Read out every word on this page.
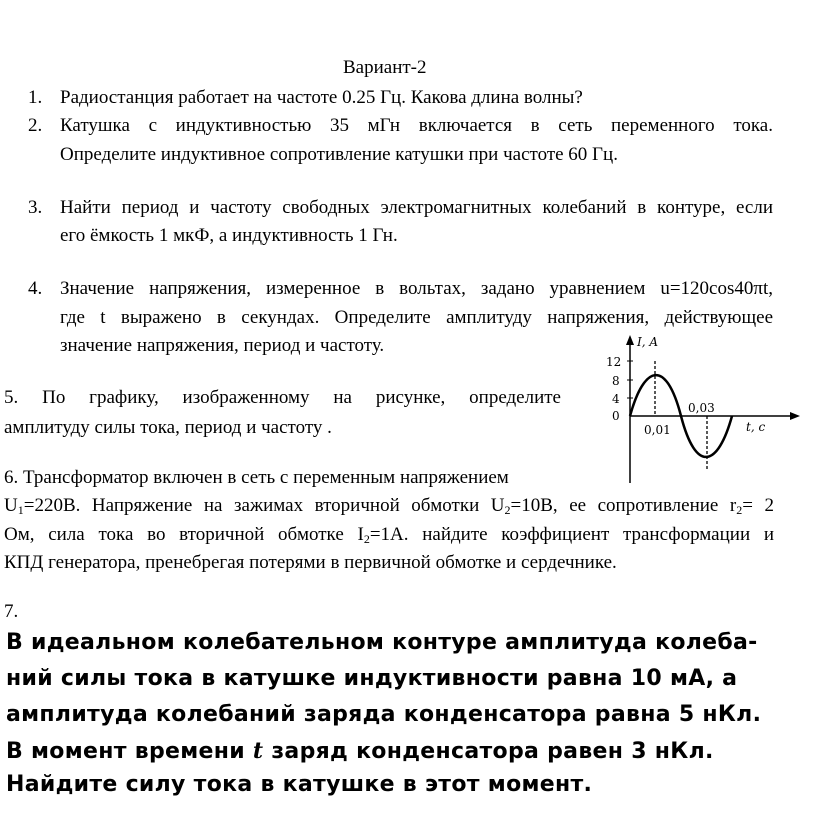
Вариант-2
1. Радиостанция работает на частоте 0.25 Гц. Какова длина волны?
2. Катушка с индуктивностью 35 мГн включается в сеть переменного тока.
Определите индуктивное сопротивление катушки при частоте 60 Гц.
3. Найти период и частоту свободных электромагнитных колебаний в контуре, если
его ёмкость 1 мкФ, а индуктивность 1 Гн.
4. Значение напряжения, измеренное в вольтах, задано уравнением u=120cos40πt,
где t выражено в секундах. Определите амплитуду напряжения, действующее
значение напряжения, период и частоту.
5. По графику, изображенному на рисунке, определите
амплитуду силы тока, период и частоту .
I, A
12
8
4
0
0,03
0,01	t, c
6. Трансформатор включен в сеть с переменным напряжением
$U_1=220В$. Напряжение на зажимах вторичной обмотки $U_2=10В$, ее сопротивление $r_2= 2$
Ом, сила тока во вторичной обмотке $I_2=1А$. найдите коэффициент трансформации и
КПД генератора, пренебрегая потерями в первичной обмотке и сердечнике.
7.
В идеальном колебательном контуре амплитуда колеба-
ний силы тока в катушке индуктивности равна 10 мА, а
амплитуда колебаний заряда конденсатора равна 5 нКл.
В момент времени t заряд конденсатора равен 3 нКл.
Найдите силу тока в катушке в этот момент.
